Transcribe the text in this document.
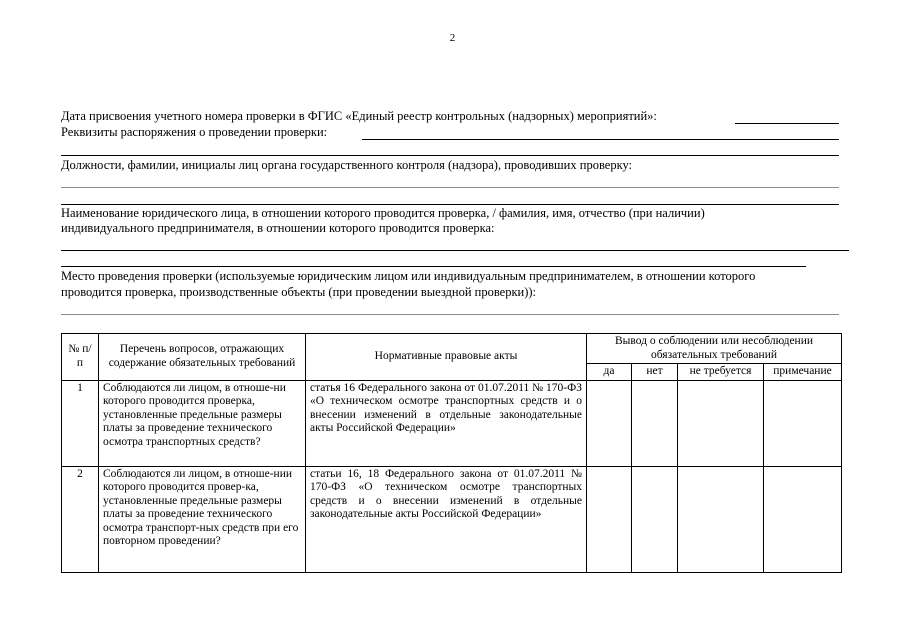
2
Дата присвоения учетного номера проверки в ФГИС «Единый реестр контрольных (надзорных) мероприятий»:
Реквизиты распоряжения о проведении проверки:
Должности, фамилии, инициалы лиц органа государственного контроля (надзора), проводивших проверку:
Наименование юридического лица, в отношении которого проводится проверка, / фамилия, имя, отчество (при наличии)
индивидуального предпринимателя, в отношении которого проводится проверка:
Место проведения проверки (используемые юридическим лицом или индивидуальным предпринимателем, в отношении которого
проводится проверка, производственные объекты (при проведении выездной проверки)):
№ п/п	Перечень вопросов, отражающих содержание обязательных требований	Нормативные правовые акты	Вывод о соблюдении или несоблюдении обязательных требований			
			да	нет	не требуется	примечание
1	Соблюдаются ли лицом, в отноше-ни которого проводится проверка, установленные предельные размеры платы за проведение технического осмотра транспортных средств?	статья 16 Федерального закона от 01.07.2011 № 170-ФЗ «О техническом осмотре транспортных средств и о внесении изменений в отдельные законодательные акты Российской Федерации»				
2	Соблюдаются ли лицом, в отноше-нии которого проводится провер-ка, установленные предельные размеры платы за проведение технического осмотра транспорт-ных средств при его повторном проведении?	статьи 16, 18 Федерального закона от 01.07.2011 № 170-ФЗ «О техническом осмотре транспортных средств и о внесении изменений в отдельные законодательные акты Российской Федерации»				
